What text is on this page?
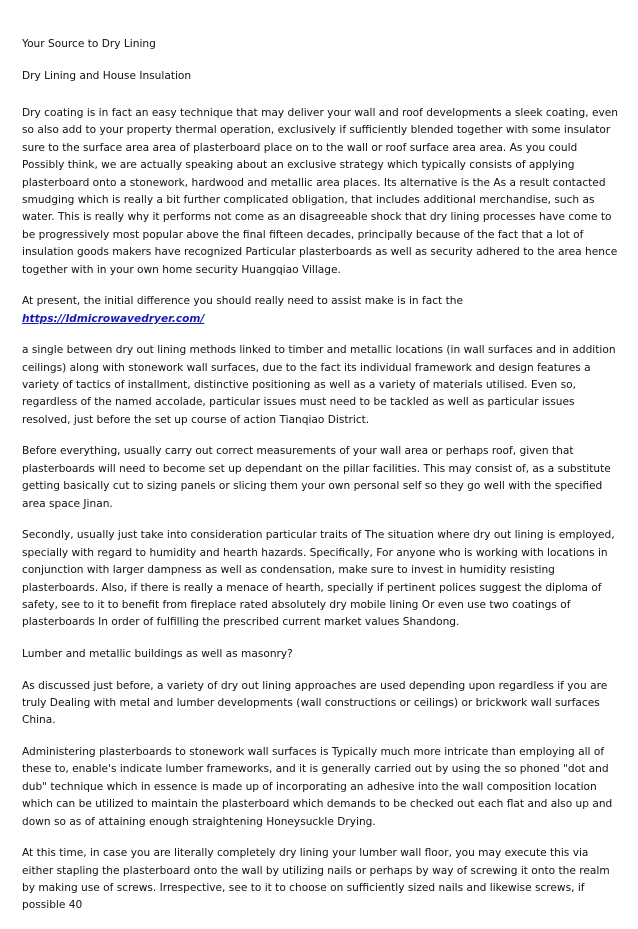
Your Source to Dry Lining

Dry Lining and House Insulation

Dry coating is in fact an easy technique that may deliver your wall and roof developments a sleek coating, even so also add to your property thermal operation, exclusively if sufficiently blended together with some insulator sure to the surface area area of plasterboard place on to the wall or roof surface area area. As you could Possibly think, we are actually speaking about an exclusive strategy which typically consists of applying plasterboard onto a stonework, hardwood and metallic area places. Its alternative is the As a result contacted smudging which is really a bit further complicated obligation, that includes additional merchandise, such as water. This is really why it performs not come as an disagreeable shock that dry lining processes have come to be progressively most popular above the final fifteen decades, principally because of the fact that a lot of insulation goods makers have recognized Particular plasterboards as well as security adhered to the area hence together with in your own home security Huangqiao Village.

At present, the initial difference you should really need to assist make is in fact the
https://ldmicrowavedryer.com/

a single between dry out lining methods linked to timber and metallic locations (in wall surfaces and in addition ceilings) along with stonework wall surfaces, due to the fact its individual framework and design features a variety of tactics of installment, distinctive positioning as well as a variety of materials utilised. Even so, regardless of the named accolade, particular issues must need to be tackled as well as particular issues resolved, just before the set up course of action Tianqiao District.

Before everything, usually carry out correct measurements of your wall area or perhaps roof, given that plasterboards will need to become set up dependant on the pillar facilities. This may consist of, as a substitute getting basically cut to sizing panels or slicing them your own personal self so they go well with the specified area space Jinan.

Secondly, usually just take into consideration particular traits of The situation where dry out lining is employed, specially with regard to humidity and hearth hazards. Specifically, For anyone who is working with locations in conjunction with larger dampness as well as condensation, make sure to invest in humidity resisting plasterboards. Also, if there is really a menace of hearth, specially if pertinent polices suggest the diploma of safety, see to it to benefit from fireplace rated absolutely dry mobile lining Or even use two coatings of plasterboards In order of fulfilling the prescribed current market values Shandong.

Lumber and metallic buildings as well as masonry?

As discussed just before, a variety of dry out lining approaches are used depending upon regardless if you are truly Dealing with metal and lumber developments (wall constructions or ceilings) or brickwork wall surfaces China.

Administering plasterboards to stonework wall surfaces is Typically much more intricate than employing all of these to, enable's indicate lumber frameworks, and it is generally carried out by using the so phoned "dot and dub" technique which in essence is made up of incorporating an adhesive into the wall composition location which can be utilized to maintain the plasterboard which demands to be checked out each flat and also up and down so as of attaining enough straightening Honeysuckle Drying.

At this time, in case you are literally completely dry lining your lumber wall floor, you may execute this via either stapling the plasterboard onto the wall by utilizing nails or perhaps by way of screwing it onto the realm by making use of screws. Irrespective, see to it to choose on sufficiently sized nails and likewise screws, if possible 40
